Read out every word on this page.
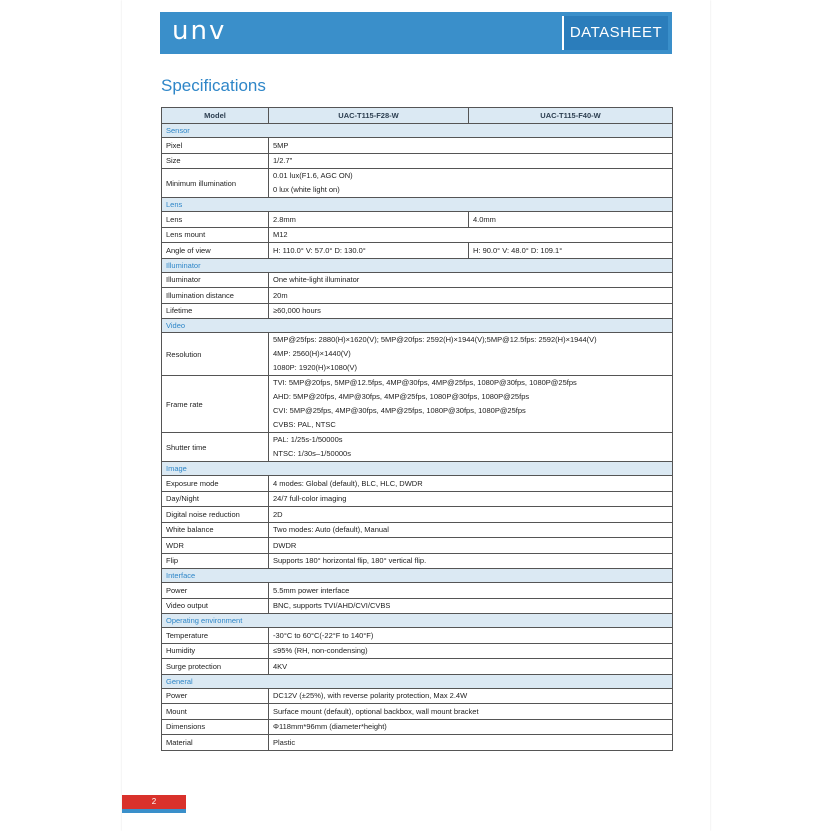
unv	DATASHEET
Specifications
Model	UAC-T115-F28-W	UAC-T115-F40-W
Sensor		
Pixel	5MP	
Size	1/2.7"	
Minimum illumination	0.01 lux(F1.6, AGC ON)
0 lux (white light on)	

Lens		
Lens	2.8mm	4.0mm
Lens mount	M12	
Angle of view	H: 110.0° V: 57.0° D: 130.0°	H: 90.0° V: 48.0° D: 109.1°
Illuminator		
Illuminator	One white-light illuminator	
Illumination distance	20m	
Lifetime	≥60,000 hours	
Video		
Resolution	5MP@25fps: 2880(H)×1620(V); 5MP@20fps: 2592(H)×1944(V);5MP@12.5fps: 2592(H)×1944(V)
4MP: 2560(H)×1440(V)
1080P: 1920(H)×1080(V)	

Frame rate	TVI: 5MP@20fps, 5MP@12.5fps, 4MP@30fps, 4MP@25fps, 1080P@30fps, 1080P@25fps
AHD: 5MP@20fps, 4MP@30fps, 4MP@25fps, 1080P@30fps, 1080P@25fps
CVI: 5MP@25fps, 4MP@30fps, 4MP@25fps, 1080P@30fps, 1080P@25fps
CVBS: PAL, NTSC	

Shutter time	PAL: 1/25s-1/50000s
NTSC: 1/30s–1/50000s	

Image		
Exposure mode	4 modes: Global (default), BLC, HLC, DWDR	
Day/Night	24/7 full-color imaging	
Digital noise reduction	2D	
White balance	Two modes: Auto (default), Manual	
WDR	DWDR	
Flip	Supports 180° horizontal flip, 180° vertical flip.	
Interface		
Power	5.5mm power interface	
Video output	BNC, supports TVI/AHD/CVI/CVBS	
Operating environment		
Temperature	-30°C to 60°C(-22°F to 140°F)	
Humidity	≤95% (RH, non-condensing)	
Surge protection	4KV	
General		
Power	DC12V (±25%), with reverse polarity protection, Max 2.4W	
Mount	Surface mount (default), optional backbox, wall mount bracket	
Dimensions	Φ118mm*96mm (diameter*height)	
Material	Plastic	
2
